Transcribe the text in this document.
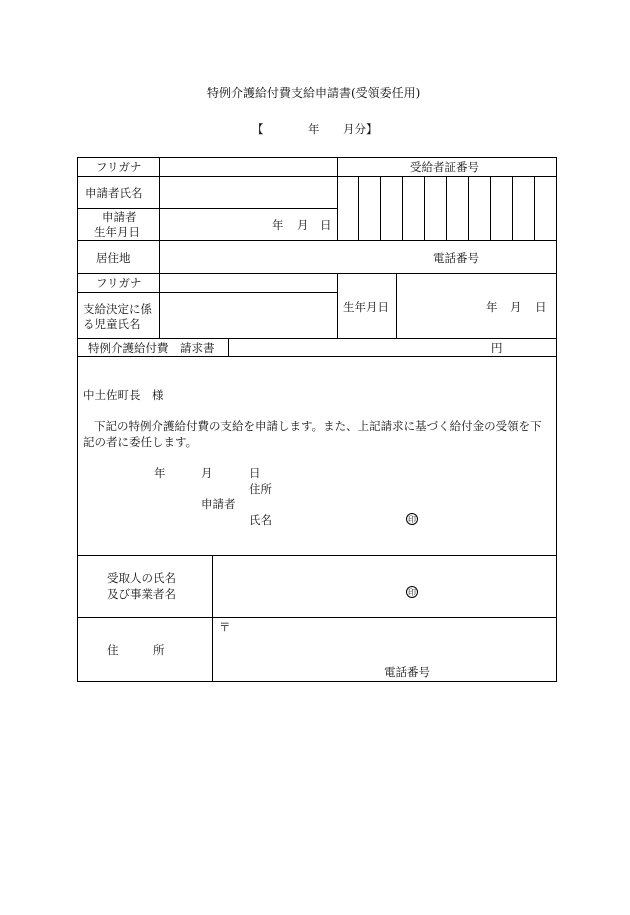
特例介護給付費支給申請書(受領委任用)
【	年 月分】
フリガナ	受給者証番号
申請者氏名
申請者
生年月日	年 月 日
居住地	電話番号
フリガナ
支給決定に係
る児童氏名
生年月日	年 月 日
特例介護給付費　請求書	円
中土佐町長　様
下記の特例介護給付費の支給を申請します。また、上記請求に基づく給付金の受領を下
記の者に委任します。
年	月	日
住所
申請者
氏名	印
受取人の氏名
及び事業者名	印
住　　　所
〒
電話番号
